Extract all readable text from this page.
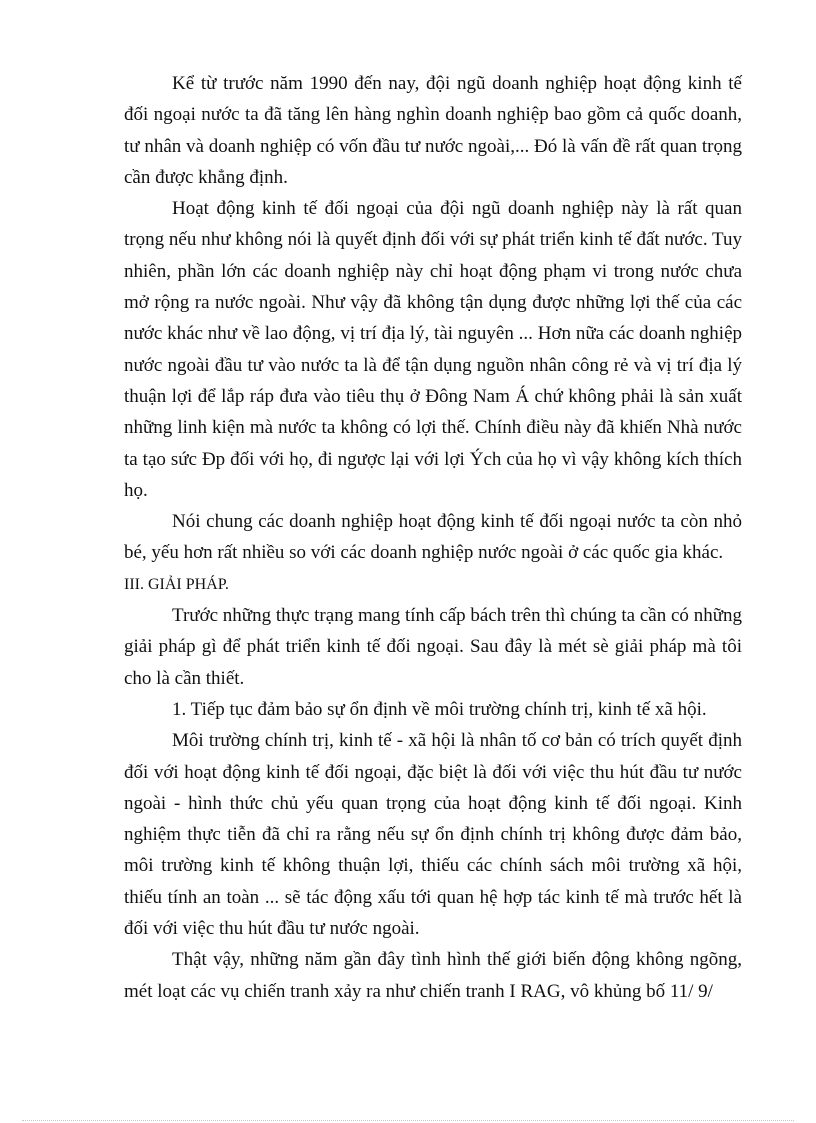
Kể từ trước năm 1990 đến nay, đội ngũ doanh nghiệp hoạt động kinh tế đối ngoại nước ta đã tăng lên hàng nghìn doanh nghiệp bao gồm cả quốc doanh, tư nhân và doanh nghiệp có vốn đầu tư nước ngoài,... Đó là vấn đề rất quan trọng cần được khẳng định.

Hoạt động kinh tế đối ngoại của đội ngũ doanh nghiệp này là rất quan trọng nếu như không nói là quyết định đối với sự phát triển kinh tế đất nước. Tuy nhiên, phần lớn các doanh nghiệp này chỉ hoạt động phạm vi trong nước chưa mở rộng ra nước ngoài. Như vậy đã không tận dụng được những lợi thế của các nước khác như về lao động, vị trí địa lý, tài nguyên ... Hơn nữa các doanh nghiệp nước ngoài đầu tư vào nước ta là để tận dụng nguồn nhân công rẻ và vị trí địa lý thuận lợi để lắp ráp đưa vào tiêu thụ ở Đông Nam Á chứ không phải là sản xuất những linh kiện mà nước ta không có lợi thế. Chính điều này đã khiến Nhà nước ta tạo sức Ðp đối với họ, đi ngược lại với lợi Ých của họ vì vậy không kích thích họ.

Nói chung các doanh nghiệp hoạt động kinh tế đối ngoại nước ta còn nhỏ bé, yếu hơn rất nhiều so với các doanh nghiệp nước ngoài ở các quốc gia khác.

III. GIẢI PHÁP.

Trước những thực trạng mang tính cấp bách trên thì chúng ta cần có những giải pháp gì để phát triển kinh tế đối ngoại. Sau đây là mét sè giải pháp mà tôi cho là cần thiết.

1. Tiếp tục đảm bảo sự ổn định về môi trường chính trị, kinh tế xã hội.

Môi trường chính trị, kinh tế - xã hội là nhân tố cơ bản có trích quyết định đối với hoạt động kinh tế đối ngoại, đặc biệt là đối với việc thu hút đầu tư nước ngoài - hình thức chủ yếu quan trọng của hoạt động kinh tế đối ngoại. Kinh nghiệm thực tiễn đã chỉ ra rằng nếu sự ổn định chính trị không được đảm bảo, môi trường kinh tế không thuận lợi, thiếu các chính sách môi trường xã hội, thiếu tính an toàn ... sẽ tác động xấu tới quan hệ hợp tác kinh tế mà trước hết là đối với việc thu hút đầu tư nước ngoài.

Thật vậy, những năm gần đây tình hình thế giới biến động không ngõng, mét loạt các vụ chiến tranh xảy ra như chiến tranh I RAG, vô khủng bố 11/ 9/
